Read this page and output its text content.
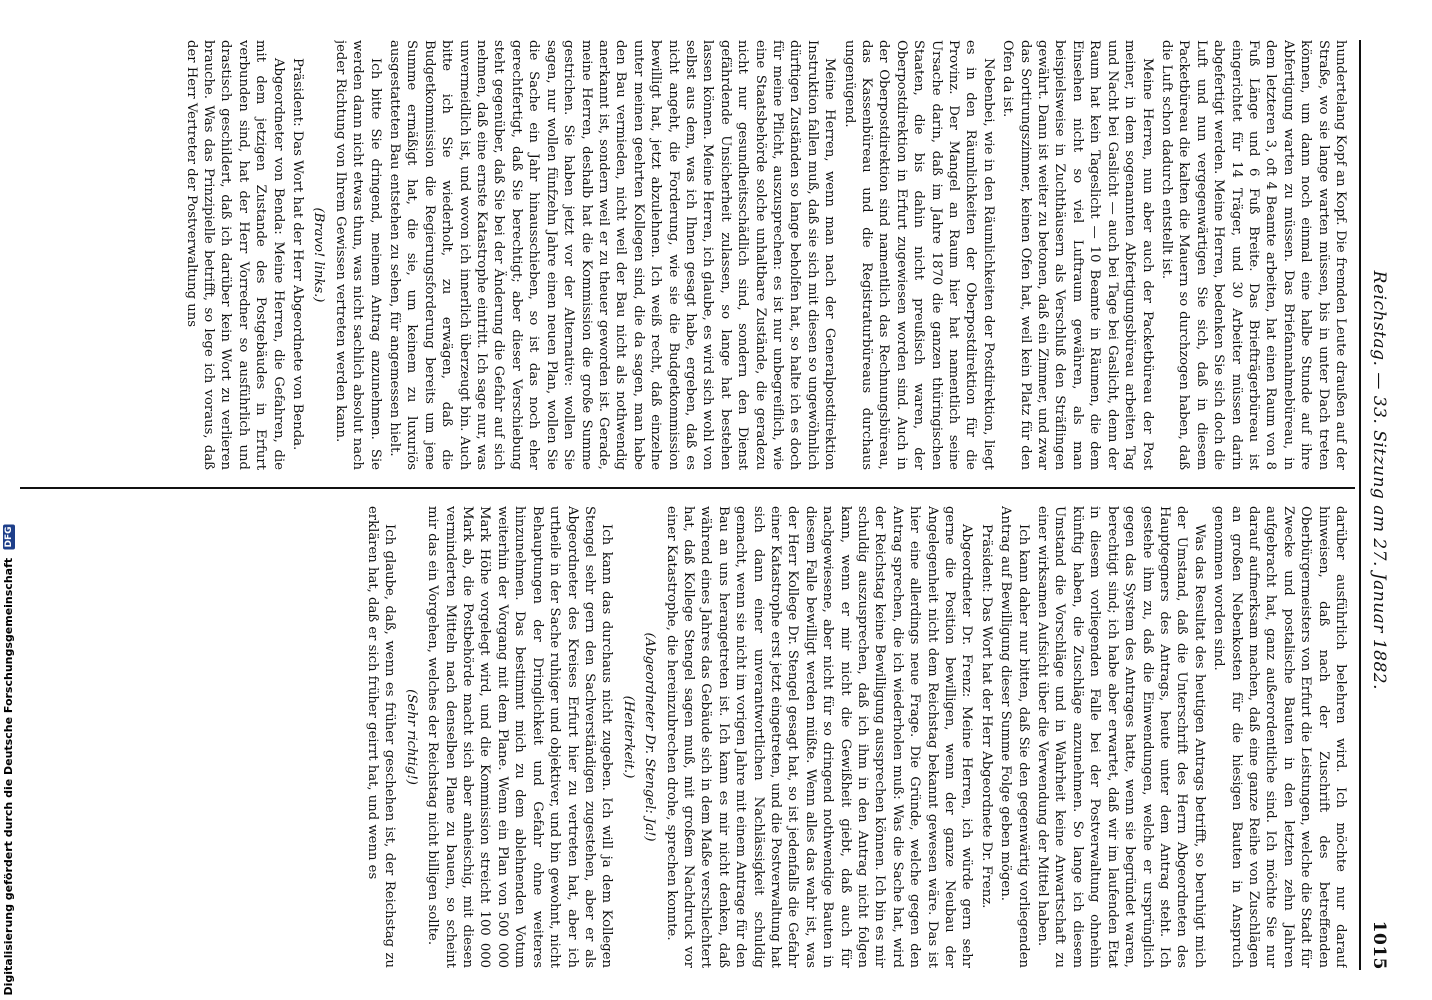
Reichstag. — 33. Sitzung am 27. Januar 1882.
1015

hundertelang Kopf an Kopf. Die fremden Leute draußen auf der Straße, wo sie lange warten müssen, bis in unter Dach treten können, um dann noch einmal eine halbe Stunde auf ihre Abfertigung warten zu müssen. Das Briefannahmebüreau, in dem letzteren 3, oft 4 Beamte arbeiten, hat einen Raum von 8 Fuß Länge und 6 Fuß Breite. Das Briefträgerbüreau ist eingerichtet für 14 Träger, und 30 Arbeiter müssen darin abgefertigt werden. Meine Herren, bedenken Sie sich doch die Luft und nun vergegenwärtigen Sie sich, daß in diesem Packetbüreau die kalten die Mauern so durchzogen haben, daß die Luft schon dadurch entstellt ist.

Meine Herren, nun aber auch der Packetbüreau der Post meiner, in dem sogenannten Abfertigungsbüreau arbeiten Tag und Nacht bei Gaslicht — auch bei Tage bei Gaslicht, denn der Raum hat kein Tageslicht — 10 Beamte in Räumen, die dem Einsehen nicht so viel Luftraum gewähren, als man beispielsweise in Zuchthäusern als Verschluß den Sträflingen gewährt. Dann ist weiter zu betonen, daß ein Zimmer, und zwar das Sortirungszimmer, keinen Ofen hat, weil kein Platz für den Ofen da ist.

Nebenbei, wie in den Räumlichkeiten der Postdirektion, liegt es in den Räumlichkeiten der Oberpostdirektion für die Provinz. Der Mangel an Raum hier hat namentlich seine Ursache darin, daß im Jahre 1870 die ganzen thüringischen Staaten, die bis dahin nicht preußisch waren, der Oberpostdirektion in Erfurt zugewiesen worden sind. Auch in der Oberpostdirektion sind namentlich das Rechnungsbüreau, das Kassenbüreau und die Registraturbüreaus durchaus ungenügend.

Meine Herren, wenn man nach der Generalpostdirektion Instruktion fallen muß, daß sie sich mit diesen so ungewöhnlich dürftigen Zuständen so lange beholfen hat, so halte ich es doch für meine Pflicht, auszusprechen: es ist nur unbegreiflich, wie eine Staatsbehörde solche unhaltbare Zustände, die geradezu nicht nur gesundheitsschädlich sind, sondern den Dienst gefährdende Unsicherheit zulassen, so lange hat bestehen lassen können. Meine Herren, ich glaube, es wird sich wohl von selbst aus dem, was ich Ihnen gesagt habe, ergeben, daß es nicht angeht, die Forderung, wie sie die Budgetkommission bewilligt hat, jetzt abzulehnen. Ich weiß recht, daß einzelne unter meinen geehrten Kollegen sind, die da sagen, man habe den Bau vermieden, nicht weil der Bau nicht als nothwendig anerkannt ist, sondern weil er zu theuer geworden ist. Gerade, meine Herren, deshalb hat die Kommission die große Summe gestrichen. Sie haben jetzt vor der Alternative: wollen Sie sagen, nur wollen fünfzehn Jahre einen neuen Plan, wollen Sie die Sache ein Jahr hinausschieben, so ist das noch eher gerechtfertigt, daß Sie berechtigt; aber dieser Verschiebung steht gegenüber, daß Sie bei der Änderung die Gefahr auf sich nehmen, daß eine ernste Katastrophe eintritt. Ich sage nur, was unvermeidlich ist, und wovon ich innerlich überzeugt bin. Auch bitte ich Sie wiederholt, zu erwägen, daß die Budgetkommission die Regierungsforderung bereits um jene Summe ermäßigt hat, die sie, um keinem zu luxuriös ausgestatteten Bau entstehen zu sehen, für angemessen hielt.

Ich bitte Sie dringend, meinem Antrag anzunehmen. Sie werden dann nicht etwas thun, was nicht sachlich absolut nach jeder Richtung von Ihrem Gewissen vertreten werden kann.

(Bravo! links.)

Präsident: Das Wort hat der Herr Abgeordnete von Benda.

Abgeordneter von Benda: Meine Herren, die Gefahren, die mit dem jetzigen Zustande des Postgebäudes in Erfurt verbunden sind, hat der Herr Vorredner so ausführlich und drastisch geschildert, daß ich darüber kein Wort zu verlieren brauche. Was das Prinzipielle betrifft, so lege ich voraus, daß der Herr Vertreter der Postverwaltung uns

darüber ausführlich belehren wird. Ich möchte nur darauf hinweisen, daß nach der Zuschrift des betreffenden Oberbürgermeisters von Erfurt die Leistungen, welche die Stadt für Zwecke und postalische Bauten in den letzten zehn Jahren aufgebracht hat, ganz außerordentliche sind. Ich möchte Sie nur darauf aufmerksam machen, daß eine ganze Reihe von Zuschlägen an großen Nebenkosten für die hiesigen Bauten in Anspruch genommen worden sind.

Was das Resultat des heutigen Antrags betrifft, so beruhigt mich der Umstand, daß die Unterschrift des Herrn Abgeordneten des Hauptgegners des Antrags, heute unter dem Antrag steht. Ich gestehe ihm zu, daß die Einwendungen, welche er ursprünglich gegen das System des Antrages hatte, wenn sie begründet waren, berechtigt sind; ich habe aber erwartet, daß wir im laufenden Etat in diesem vorliegenden Falle bei der Postverwaltung ohnehin künftig haben, die Zuschläge anzunehmen. So lange ich diesem Umstand die Vorschläge und in Wahrheit keine Anwartschaft zu einer wirksamen Aufsicht über die Verwendung der Mittel haben.

Ich kann daher nur bitten, daß Sie den gegenwärtig vorliegenden Antrag auf Bewilligung dieser Summe Folge geben mögen.

Präsident: Das Wort hat der Herr Abgeordnete Dr. Frenz.

Abgeordneter Dr. Frenz: Meine Herren, ich würde gern sehr gerne die Position bewilligen, wenn der ganze Neubau der Angelegenheit nicht dem Reichstag bekannt gewesen wäre. Das ist hier eine allerdings neue Frage. Die Gründe, welche gegen den Antrag sprechen, die ich wiederholen muß: Was die Sache hat, wird der Reichstag keine Bewilligung aussprechen können. Ich bin es mir schuldig auszusprechen, daß ich ihm in den Antrag nicht folgen kann, wenn er mir nicht die Gewißheit giebt, daß auch für nachgewiesene, aber nicht für so dringend nothwendige Bauten in diesem Falle bewilligt werden müßte. Wenn alles das wahr ist, was der Herr Kollege Dr. Stengel gesagt hat, so ist jedenfalls die Gefahr einer Katastrophe erst jetzt eingetreten, und die Postverwaltung hat sich dann einer unverantwortlichen Nachlässigkeit schuldig gemacht, wenn sie nicht im vorigen Jahre mit einem Antrage für den Bau an uns herangetreten ist. Ich kann es mir nicht denken, daß während eines Jahres das Gebäude sich in dem Maße verschlechtert hat, daß Kollege Stengel sagen muß, mit großem Nachdruck vor einer Katastrophe, die hereinzubrechen drohe, sprechen konnte.

(Abgeordneter Dr. Stengel: Ja!)

(Heiterkeit.)

Ich kann das durchaus nicht zugeben. Ich will ja dem Kollegen Stengel sehr gern den Sachverständigen zugestehen, aber er als Abgeordneter des Kreises Erfurt hier zu vertreten hat, aber ich urtheile in der Sache ruhiger und objektiver, und bin gewohnt, nicht Behauptungen der Dringlichkeit und Gefahr ohne weiteres hinzunehmen. Das bestimmt mich zu dem ablehnenden Votum weiterhin der Vorgang mit dem Plane. Wenn ein Plan von 500 000 Mark Höhe vorgelegt wird, und die Kommission streicht 100 000 Mark ab, die Postbehörde macht sich aber anheischig, mit diesen verminderten Mitteln nach denselben Plane zu bauen, so scheint mir das ein Vorgehen, welches der Reichstag nicht billigen sollte.

(Sehr richtig!)

Ich glaube, daß, wenn es früher geschehen ist, der Reichstag zu erklären hat, daß er sich früher geirrt hat, und wenn es

Digitalisierung gefördert durch die Deutsche Forschungsgemeinschaft DFG
